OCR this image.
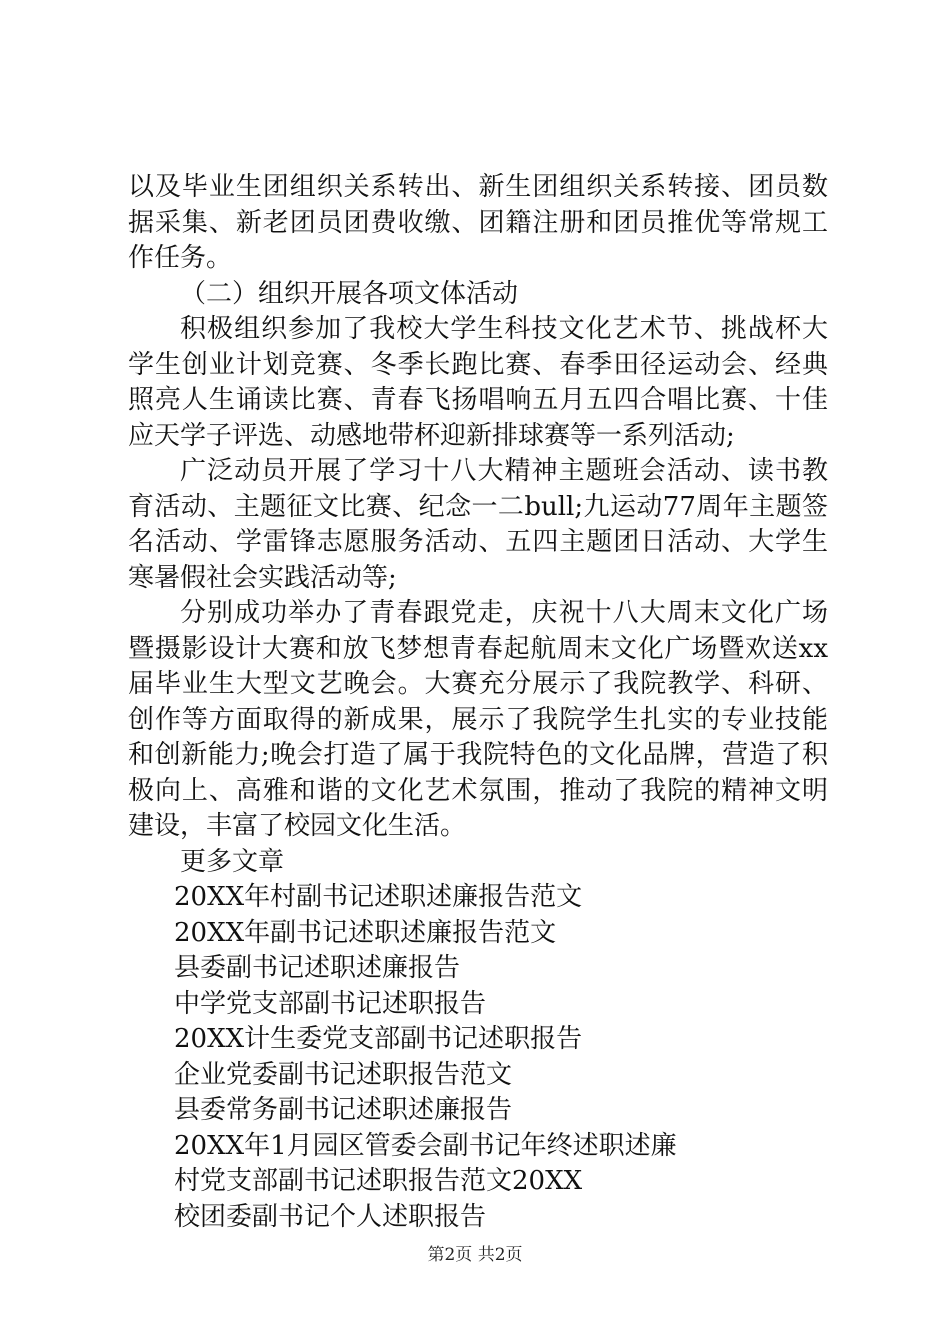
以及毕业生团组织关系转出、新生团组织关系转接、团员数据采集、新老团员团费收缴、团籍注册和团员推优等常规工作任务。

（二）组织开展各项文体活动

积极组织参加了我校大学生科技文化艺术节、挑战杯大学生创业计划竞赛、冬季长跑比赛、春季田径运动会、经典照亮人生诵读比赛、青春飞扬唱响五月五四合唱比赛、十佳应天学子评选、动感地带杯迎新排球赛等一系列活动;

广泛动员开展了学习十八大精神主题班会活动、读书教育活动、主题征文比赛、纪念一二bull;九运动77周年主题签名活动、学雷锋志愿服务活动、五四主题团日活动、大学生寒暑假社会实践活动等;

分别成功举办了青春跟党走，庆祝十八大周末文化广场暨摄影设计大赛和放飞梦想青春起航周末文化广场暨欢送xx届毕业生大型文艺晚会。大赛充分展示了我院教学、科研、创作等方面取得的新成果，展示了我院学生扎实的专业技能和创新能力;晚会打造了属于我院特色的文化品牌，营造了积极向上、高雅和谐的文化艺术氛围，推动了我院的精神文明建设，丰富了校园文化生活。

更多文章

20XX年村副书记述职述廉报告范文
20XX年副书记述职述廉报告范文
县委副书记述职述廉报告
中学党支部副书记述职报告
20XX计生委党支部副书记述职报告
企业党委副书记述职报告范文
县委常务副书记述职述廉报告
20XX年1月园区管委会副书记年终述职述廉
村党支部副书记述职报告范文20XX
校团委副书记个人述职报告
第2页 共2页
